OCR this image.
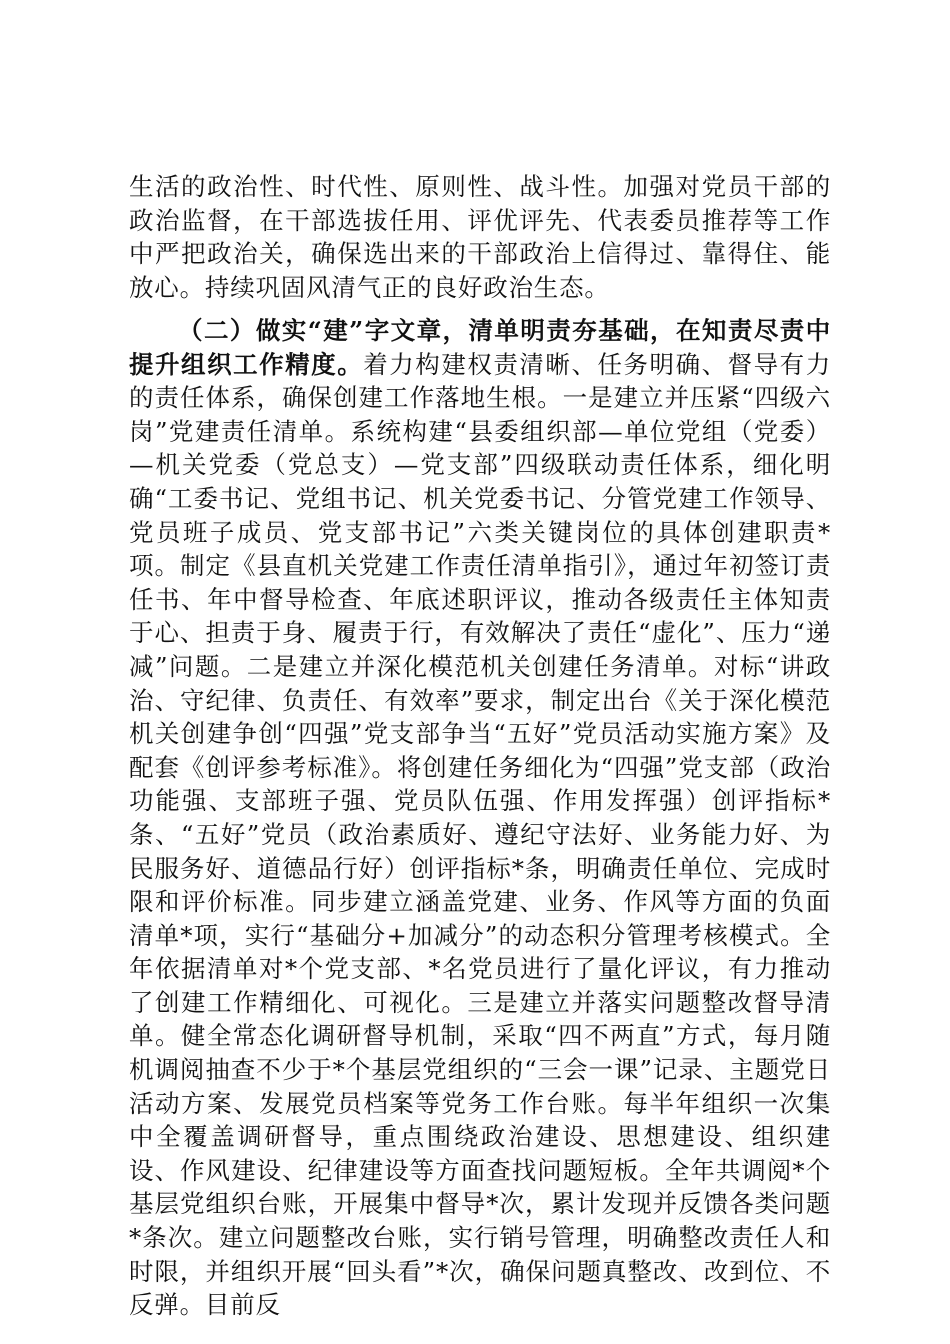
生活的政治性、时代性、原则性、战斗性。加强对党员干部的政治监督，在干部选拔任用、评优评先、代表委员推荐等工作中严把政治关，确保选出来的干部政治上信得过、靠得住、能放心。持续巩固风清气正的良好政治生态。

（二）做实“建”字文章，清单明责夯基础，在知责尽责中提升组织工作精度。着力构建权责清晰、任务明确、督导有力的责任体系，确保创建工作落地生根。一是建立并压紧“四级六岗”党建责任清单。系统构建“县委组织部—单位党组（党委）—机关党委（党总支）—党支部”四级联动责任体系，细化明确“工委书记、党组书记、机关党委书记、分管党建工作领导、党员班子成员、党支部书记”六类关键岗位的具体创建职责*项。制定《县直机关党建工作责任清单指引》，通过年初签订责任书、年中督导检查、年底述职评议，推动各级责任主体知责于心、担责于身、履责于行，有效解决了责任“虚化”、压力“递减”问题。二是建立并深化模范机关创建任务清单。对标“讲政治、守纪律、负责任、有效率”要求，制定出台《关于深化模范机关创建争创“四强”党支部争当“五好”党员活动实施方案》及配套《创评参考标准》。将创建任务细化为“四强”党支部（政治功能强、支部班子强、党员队伍强、作用发挥强）创评指标*条、“五好”党员（政治素质好、遵纪守法好、业务能力好、为民服务好、道德品行好）创评指标*条，明确责任单位、完成时限和评价标准。同步建立涵盖党建、业务、作风等方面的负面清单*项，实行“基础分+加减分”的动态积分管理考核模式。全年依据清单对*个党支部、*名党员进行了量化评议，有力推动了创建工作精细化、可视化。三是建立并落实问题整改督导清单。健全常态化调研督导机制，采取“四不两直”方式，每月随机调阅抽查不少于*个基层党组织的“三会一课”记录、主题党日活动方案、发展党员档案等党务工作台账。每半年组织一次集中全覆盖调研督导，重点围绕政治建设、思想建设、组织建设、作风建设、纪律建设等方面查找问题短板。全年共调阅*个基层党组织台账，开展集中督导*次，累计发现并反馈各类问题*条次。建立问题整改台账，实行销号管理，明确整改责任人和时限，并组织开展“回头看”*次，确保问题真整改、改到位、不反弹。目前反
